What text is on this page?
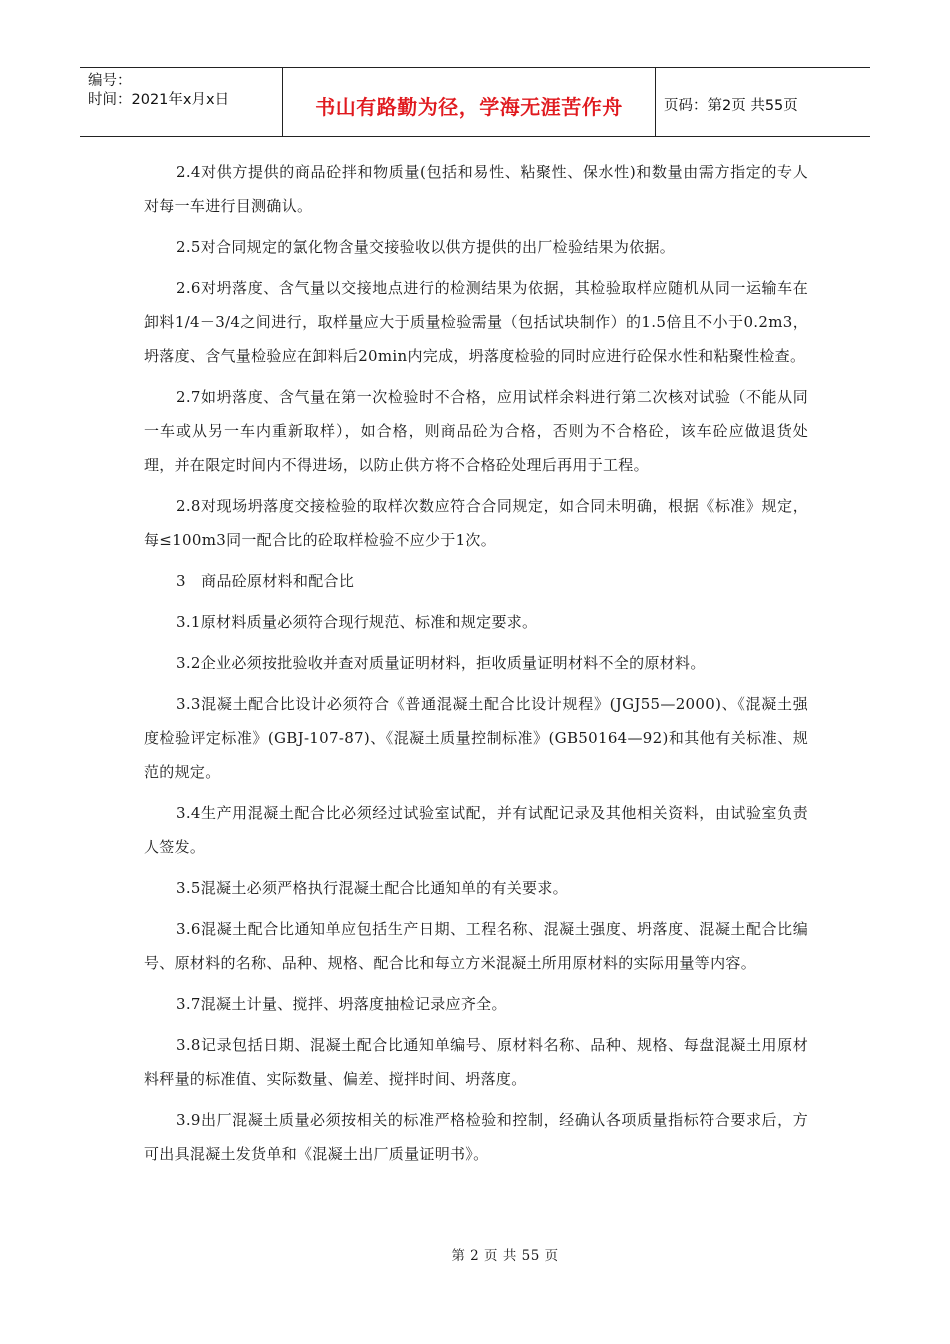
编号：
时间：2021年x月x日	书山有路勤为径，学海无涯苦作舟	页码：第2页 共55页

2.4对供方提供的商品砼拌和物质量(包括和易性、粘聚性、保水性)和数量由需方指定的专人对每一车进行目测确认。

2.5对合同规定的氯化物含量交接验收以供方提供的出厂检验结果为依据。

2.6对坍落度、含气量以交接地点进行的检测结果为依据，其检验取样应随机从同一运输车在卸料1/4－3/4之间进行，取样量应大于质量检验需量（包括试块制作）的1.5倍且不小于0.2m3，坍落度、含气量检验应在卸料后20min内完成，坍落度检验的同时应进行砼保水性和粘聚性检查。

2.7如坍落度、含气量在第一次检验时不合格，应用试样余料进行第二次核对试验（不能从同一车或从另一车内重新取样），如合格，则商品砼为合格，否则为不合格砼，该车砼应做退货处理，并在限定时间内不得进场，以防止供方将不合格砼处理后再用于工程。

2.8对现场坍落度交接检验的取样次数应符合合同规定，如合同未明确，根据《标准》规定，每≤100m3同一配合比的砼取样检验不应少于1次。

3　商品砼原材料和配合比

3.1原材料质量必须符合现行规范、标准和规定要求。

3.2企业必须按批验收并查对质量证明材料，拒收质量证明材料不全的原材料。

3.3混凝土配合比设计必须符合《普通混凝土配合比设计规程》(JGJ55—2000)、《混凝土强度检验评定标准》(GBJ-107-87)、《混凝土质量控制标准》(GB50164—92)和其他有关标准、规范的规定。

3.4生产用混凝土配合比必须经过试验室试配，并有试配记录及其他相关资料，由试验室负责人签发。

3.5混凝土必须严格执行混凝土配合比通知单的有关要求。

3.6混凝土配合比通知单应包括生产日期、工程名称、混凝土强度、坍落度、混凝土配合比编号、原材料的名称、品种、规格、配合比和每立方米混凝土所用原材料的实际用量等内容。

3.7混凝土计量、搅拌、坍落度抽检记录应齐全。

3.8记录包括日期、混凝土配合比通知单编号、原材料名称、品种、规格、每盘混凝土用原材料秤量的标准值、实际数量、偏差、搅拌时间、坍落度。

3.9出厂混凝土质量必须按相关的标准严格检验和控制，经确认各项质量指标符合要求后，方可出具混凝土发货单和《混凝土出厂质量证明书》。

第 2 页 共 55 页
